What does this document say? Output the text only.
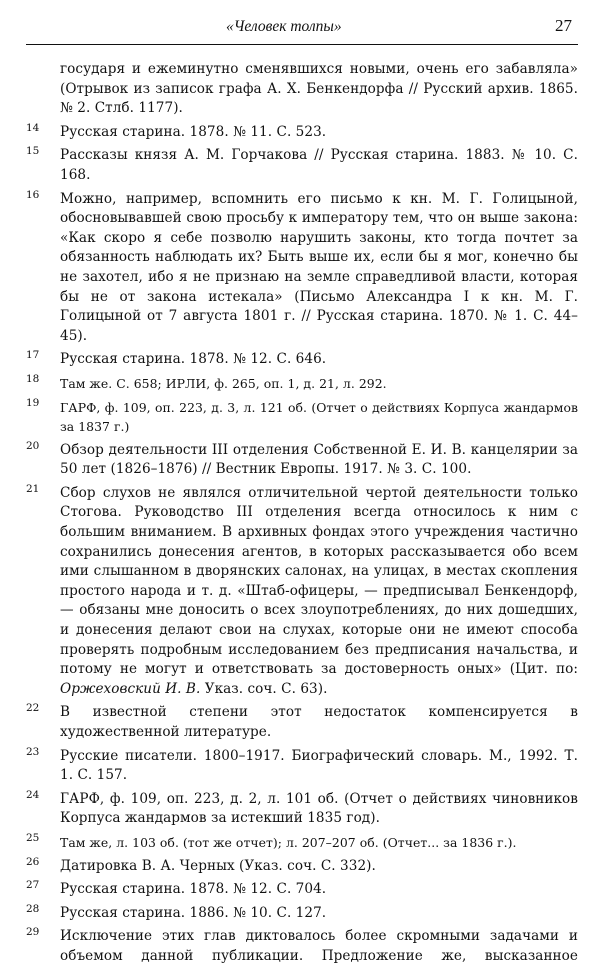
«Человек толпы»	27
государя и ежеминутно сменявшихся новыми, очень его забавляла» (Отрывок из записок графа А. Х. Бенкендорфа // Русский архив. 1865. № 2. Стлб. 1177).
14 Русская старина. 1878. № 11. С. 523.
15 Рассказы князя А. М. Горчакова // Русская старина. 1883. № 10. С. 168.
16 Можно, например, вспомнить его письмо к кн. М. Г. Голицыной, обосновывавшей свою просьбу к императору тем, что он выше закона: «Как скоро я себе позволю нарушить законы, кто тогда почтет за обязанность наблюдать их? Быть выше их, если бы я мог, конечно бы не захотел, ибо я не признаю на земле справедливой власти, которая бы не от закона истекала» (Письмо Александра I к кн. М. Г. Голицыной от 7 августа 1801 г. // Русская старина. 1870. № 1. С. 44–45).
17 Русская старина. 1878. № 12. С. 646.
18 Там же. С. 658; ИРЛИ, ф. 265, оп. 1, д. 21, л. 292.
19 ГАРФ, ф. 109, оп. 223, д. 3, л. 121 об. (Отчет о действиях Корпуса жандармов за 1837 г.)
20 Обзор деятельности III отделения Собственной Е. И. В. канцелярии за 50 лет (1826–1876) // Вестник Европы. 1917. № 3. С. 100.
21 Сбор слухов не являлся отличительной чертой деятельности только Стогова. Руководство III отделения всегда относилось к ним с большим вниманием. В архивных фондах этого учреждения частично сохранились донесения агентов, в которых рассказывается обо всем ими слышанном в дворянских салонах, на улицах, в местах скопления простого народа и т. д. «Штаб-офицеры, — предписывал Бенкендорф, — обязаны мне доносить о всех злоупотреблениях, до них дошедших, и донесения делают свои на слухах, которые они не имеют способа проверять подробным исследованием без предписания начальства, и потому не могут и ответствовать за достоверность оных» (Цит. по: Оржеховский И. В. Указ. соч. С. 63).
22 В известной степени этот недостаток компенсируется в художественной литературе.
23 Русские писатели. 1800–1917. Биографический словарь. М., 1992. Т. 1. С. 157.
24 ГАРФ, ф. 109, оп. 223, д. 2, л. 101 об. (Отчет о действиях чиновников Корпуса жандармов за истекший 1835 год).
25 Там же, л. 103 об. (тот же отчет); л. 207–207 об. (Отчет... за 1836 г.).
26 Датировка В. А. Черных (Указ. соч. С. 332).
27 Русская старина. 1878. № 12. С. 704.
28 Русская старина. 1886. № 10. С. 127.
29 Исключение этих глав диктовалось более скромными задачами и объемом данной публикации. Предложение же, высказанное
